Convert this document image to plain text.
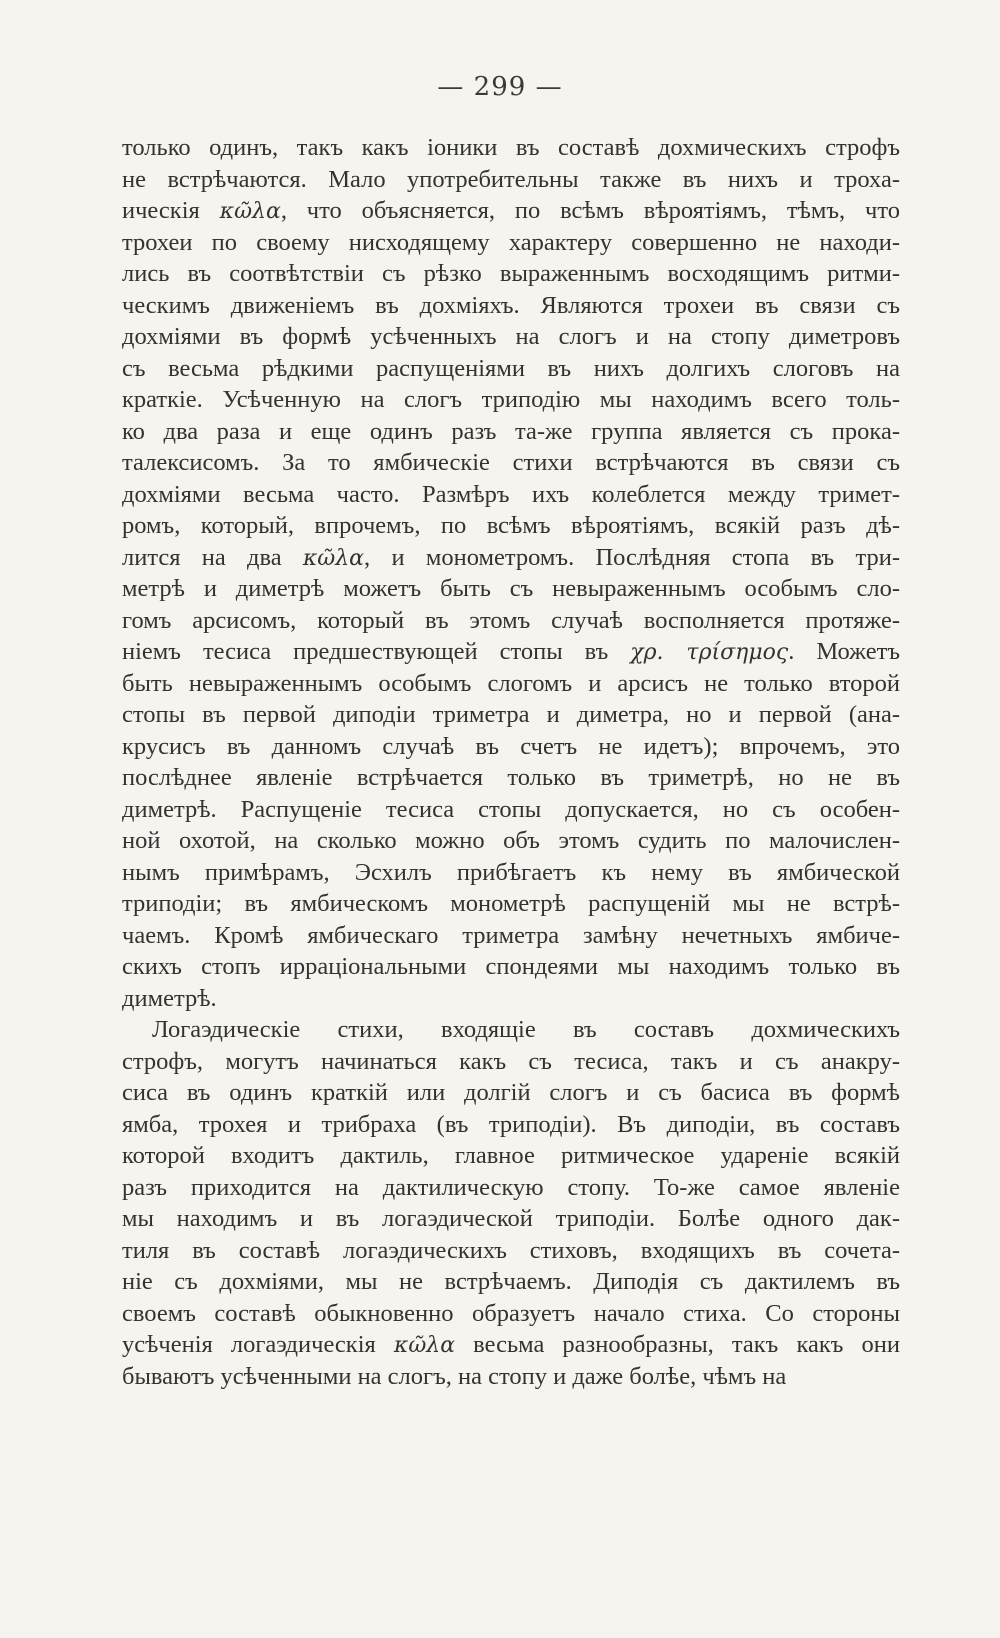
— 299 —
только одинъ, такъ какъ іоники въ составѣ дохмическихъ строфъ
не встрѣчаются. Мало употребительны также въ нихъ и троха-
ическія κῶλα, что объясняется, по всѣмъ вѣроятіямъ, тѣмъ, что
трохеи по своему нисходящему характеру совершенно не находи-
лись въ соотвѣтствіи съ рѣзко выраженнымъ восходящимъ ритми-
ческимъ движеніемъ въ дохміяхъ. Являются трохеи въ связи съ
дохміями въ формѣ усѣченныхъ на слогъ и на стопу диметровъ
съ весьма рѣдкими распущеніями въ нихъ долгихъ слоговъ на
краткіе. Усѣченную на слогъ триподію мы находимъ всего толь-
ко два раза и еще одинъ разъ та-же группа является съ прока-
талексисомъ. За то ямбическіе стихи встрѣчаются въ связи съ
дохміями весьма часто. Размѣръ ихъ колеблется между тримет-
ромъ, который, впрочемъ, по всѣмъ вѣроятіямъ, всякій разъ дѣ-
лится на два κῶλα, и монометромъ. Послѣдняя стопа въ три-
метрѣ и диметрѣ можетъ быть съ невыраженнымъ особымъ сло-
гомъ арсисомъ, который въ этомъ случаѣ восполняется протяже-
ніемъ тесиса предшествующей стопы въ χρ. τρίσημος. Можетъ
быть невыраженнымъ особымъ слогомъ и арсисъ не только второй
стопы въ первой диподіи триметра и диметра, но и первой (ана-
крусисъ въ данномъ случаѣ въ счетъ не идетъ); впрочемъ, это
послѣднее явленіе встрѣчается только въ триметрѣ, но не въ
диметрѣ. Распущеніе тесиса стопы допускается, но съ особен-
ной охотой, на сколько можно объ этомъ судить по малочислен-
нымъ примѣрамъ, Эсхилъ прибѣгаетъ къ нему въ ямбической
триподіи; въ ямбическомъ монометрѣ распущеній мы не встрѣ-
чаемъ. Кромѣ ямбическаго триметра замѣну нечетныхъ ямбиче-
скихъ стопъ ирраціональными спондеями мы находимъ только въ
диметрѣ.
Логаэдическіе стихи, входящіе въ составъ дохмическихъ
строфъ, могутъ начинаться какъ съ тесиса, такъ и съ анакру-
сиса въ одинъ краткій или долгій слогъ и съ басиса въ формѣ
ямба, трохея и трибраха (въ триподіи). Въ диподіи, въ составъ
которой входитъ дактиль, главное ритмическое удареніе всякій
разъ приходится на дактилическую стопу. То-же самое явленіе
мы находимъ и въ логаэдической триподіи. Болѣе одного дак-
тиля въ составѣ логаэдическихъ стиховъ, входящихъ въ сочета-
ніе съ дохміями, мы не встрѣчаемъ. Диподія съ дактилемъ въ
своемъ составѣ обыкновенно образуетъ начало стиха. Со стороны
усѣченія логаэдическія κῶλα весьма разнообразны, такъ какъ они
бываютъ усѣченными на слогъ, на стопу и даже болѣе, чѣмъ на
